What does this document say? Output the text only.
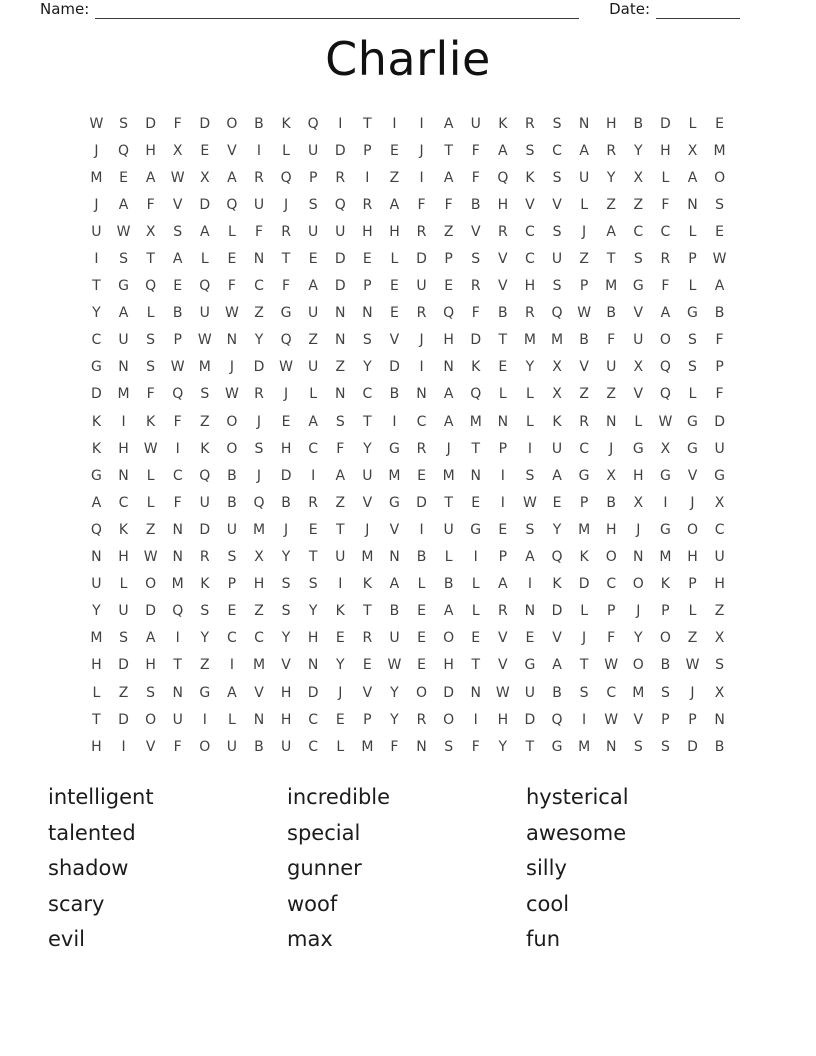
Name:	Date:
Charlie
W	S	D	F	D	O	B	K	Q	I	T	I	I	A	U	K	R	S	N	H	B	D	L	E
J	Q	H	X	E	V	I	L	U	D	P	E	J	T	F	A	S	C	A	R	Y	H	X	M
M	E	A	W	X	A	R	Q	P	R	I	Z	I	A	F	Q	K	S	U	Y	X	L	A	O
J	A	F	V	D	Q	U	J	S	Q	R	A	F	F	B	H	V	V	L	Z	Z	F	N	S
U	W	X	S	A	L	F	R	U	U	H	H	R	Z	V	R	C	S	J	A	C	C	L	E
I	S	T	A	L	E	N	T	E	D	E	L	D	P	S	V	C	U	Z	T	S	R	P	W
T	G	Q	E	Q	F	C	F	A	D	P	E	U	E	R	V	H	S	P	M	G	F	L	A
Y	A	L	B	U	W	Z	G	U	N	N	E	R	Q	F	B	R	Q	W	B	V	A	G	B
C	U	S	P	W	N	Y	Q	Z	N	S	V	J	H	D	T	M	M	B	F	U	O	S	F
G	N	S	W	M	J	D	W	U	Z	Y	D	I	N	K	E	Y	X	V	U	X	Q	S	P
D	M	F	Q	S	W	R	J	L	N	C	B	N	A	Q	L	L	X	Z	Z	V	Q	L	F
K	I	K	F	Z	O	J	E	A	S	T	I	C	A	M	N	L	K	R	N	L	W	G	D
K	H	W	I	K	O	S	H	C	F	Y	G	R	J	T	P	I	U	C	J	G	X	G	U
G	N	L	C	Q	B	J	D	I	A	U	M	E	M	N	I	S	A	G	X	H	G	V	G
A	C	L	F	U	B	Q	B	R	Z	V	G	D	T	E	I	W	E	P	B	X	I	J	X
Q	K	Z	N	D	U	M	J	E	T	J	V	I	U	G	E	S	Y	M	H	J	G	O	C
N	H	W	N	R	S	X	Y	T	U	M	N	B	L	I	P	A	Q	K	O	N	M	H	U
U	L	O	M	K	P	H	S	S	I	K	A	L	B	L	A	I	K	D	C	O	K	P	H
Y	U	D	Q	S	E	Z	S	Y	K	T	B	E	A	L	R	N	D	L	P	J	P	L	Z
M	S	A	I	Y	C	C	Y	H	E	R	U	E	O	E	V	E	V	J	F	Y	O	Z	X
H	D	H	T	Z	I	M	V	N	Y	E	W	E	H	T	V	G	A	T	W	O	B	W	S
L	Z	S	N	G	A	V	H	D	J	V	Y	O	D	N	W	U	B	S	C	M	S	J	X
T	D	O	U	I	L	N	H	C	E	P	Y	R	O	I	H	D	Q	I	W	V	P	P	N
H	I	V	F	O	U	B	U	C	L	M	F	N	S	F	Y	T	G	M	N	S	S	D	B
intelligent
talented
shadow
scary
evil
incredible
special
gunner
woof
max
hysterical
awesome
silly
cool
fun
